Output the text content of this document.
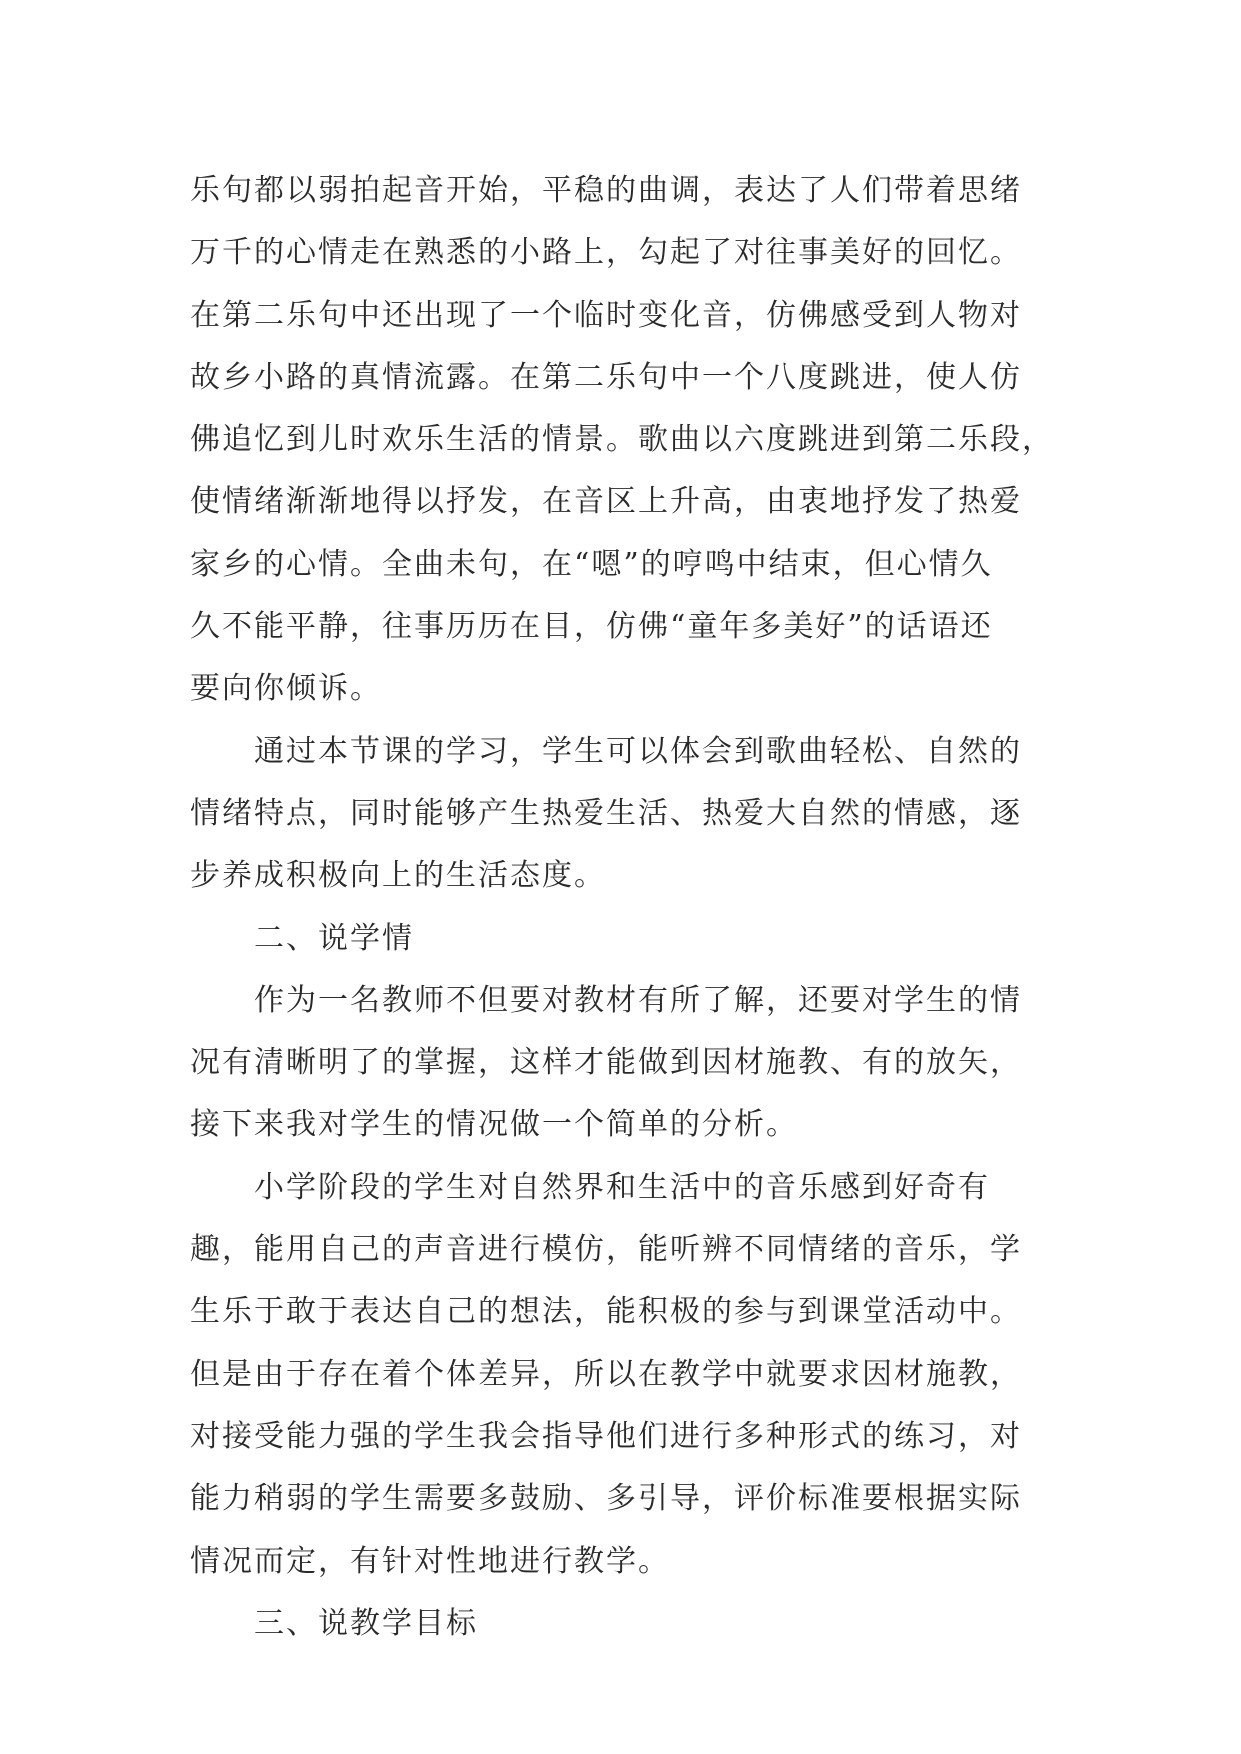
乐句都以弱拍起音开始，平稳的曲调，表达了人们带着思绪
万千的心情走在熟悉的小路上，勾起了对往事美好的回忆。
在第二乐句中还出现了一个临时变化音，仿佛感受到人物对
故乡小路的真情流露。在第二乐句中一个八度跳进，使人仿
佛追忆到儿时欢乐生活的情景。歌曲以六度跳进到第二乐段，
使情绪渐渐地得以抒发，在音区上升高，由衷地抒发了热爱
家乡的心情。全曲未句，在“嗯”的哼鸣中结束，但心情久
久不能平静，往事历历在目，仿佛“童年多美好”的话语还
要向你倾诉。
通过本节课的学习，学生可以体会到歌曲轻松、自然的
情绪特点，同时能够产生热爱生活、热爱大自然的情感，逐
步养成积极向上的生活态度。
二、说学情
作为一名教师不但要对教材有所了解，还要对学生的情
况有清晰明了的掌握，这样才能做到因材施教、有的放矢，
接下来我对学生的情况做一个简单的分析。
小学阶段的学生对自然界和生活中的音乐感到好奇有
趣，能用自己的声音进行模仿，能听辨不同情绪的音乐，学
生乐于敢于表达自己的想法，能积极的参与到课堂活动中。
但是由于存在着个体差异，所以在教学中就要求因材施教，
对接受能力强的学生我会指导他们进行多种形式的练习，对
能力稍弱的学生需要多鼓励、多引导，评价标准要根据实际
情况而定，有针对性地进行教学。
三、说教学目标
